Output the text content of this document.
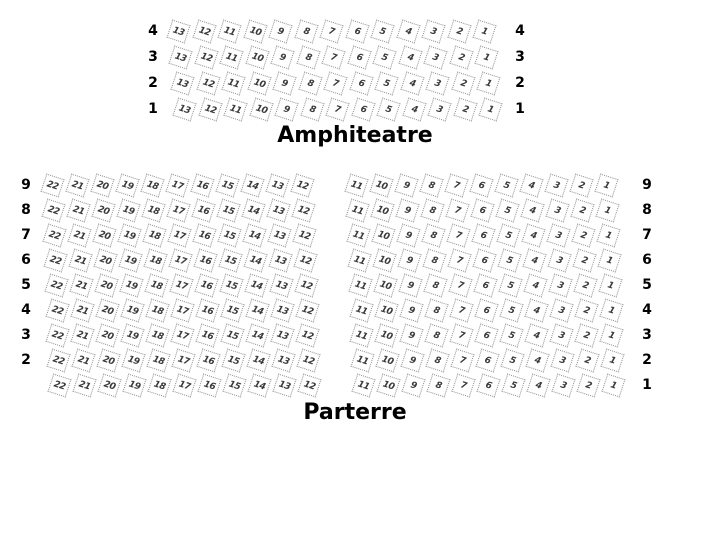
4
3
2
1
4
3
2
1
13	12	11	10	9	8	7	6	5	4	3	2	1
13	12	11	10	9	8	7	6	5	4	3	2	1
13	12	11	10	9	8	7	6	5	4	3	2	1
13	12	11	10	9	8	7	6	5	4	3	2	1
Amphiteatre
9
8
7
6
5
4
3
2
9
8
7
6
5
4
3
2
1
22	21	20	19	18	17	16	15	14	13	12	11	10	9	8	7	6	5	4	3	2	1
22	21	20	19	18	17	16	15	14	13	12	11	10	9	8	7	6	5	4	3	2	1
22	21	20	19	18	17	16	15	14	13	12	11	10	9	8	7	6	5	4	3	2	1
22	21	20	19	18	17	16	15	14	13	12	11	10	9	8	7	6	5	4	3	2	1
22	21	20	19	18	17	16	15	14	13	12	11	10	9	8	7	6	5	4	3	2	1
22	21	20	19	18	17	16	15	14	13	12	11	10	9	8	7	6	5	4	3	2	1
22	21	20	19	18	17	16	15	14	13	12	11	10	9	8	7	6	5	4	3	2	1
22	21	20	19	18	17	16	15	14	13	12	11	10	9	8	7	6	5	4	3	2	1
22	21	20	19	18	17	16	15	14	13	12	11	10	9	8	7	6	5	4	3	2	1
Parterre
